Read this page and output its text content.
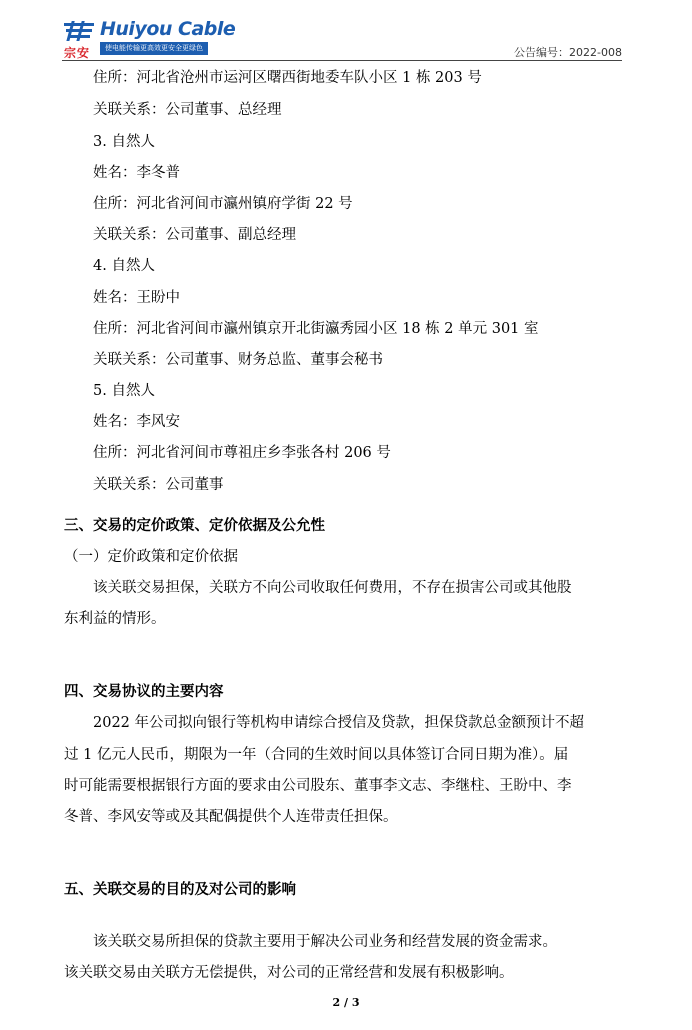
宗安
Huiyou Cable
使电能传输更高效更安全更绿色	公告编号：2022-008
住所：河北省沧州市运河区曙西街地委车队小区 1 栋 203 号
关联关系：公司董事、总经理
3. 自然人
姓名：李冬普
住所：河北省河间市瀛州镇府学街 22 号
关联关系：公司董事、副总经理
4. 自然人
姓名：王盼中
住所：河北省河间市瀛州镇京开北街瀛秀园小区 18 栋 2 单元 301 室
关联关系：公司董事、财务总监、董事会秘书
5. 自然人
姓名：李风安
住所：河北省河间市尊祖庄乡李张各村 206 号
关联关系：公司董事
三、交易的定价政策、定价依据及公允性
（一）定价政策和定价依据
该关联交易担保，关联方不向公司收取任何费用，不存在损害公司或其他股
东利益的情形。
四、交易协议的主要内容
2022 年公司拟向银行等机构申请综合授信及贷款，担保贷款总金额预计不超
过 1 亿元人民币，期限为一年（合同的生效时间以具体签订合同日期为准）。届
时可能需要根据银行方面的要求由公司股东、董事李文志、李继柱、王盼中、李
冬普、李风安等或及其配偶提供个人连带责任担保。
五、关联交易的目的及对公司的影响
该关联交易所担保的贷款主要用于解决公司业务和经营发展的资金需求。
该关联交易由关联方无偿提供，对公司的正常经营和发展有积极影响。
2 / 3
